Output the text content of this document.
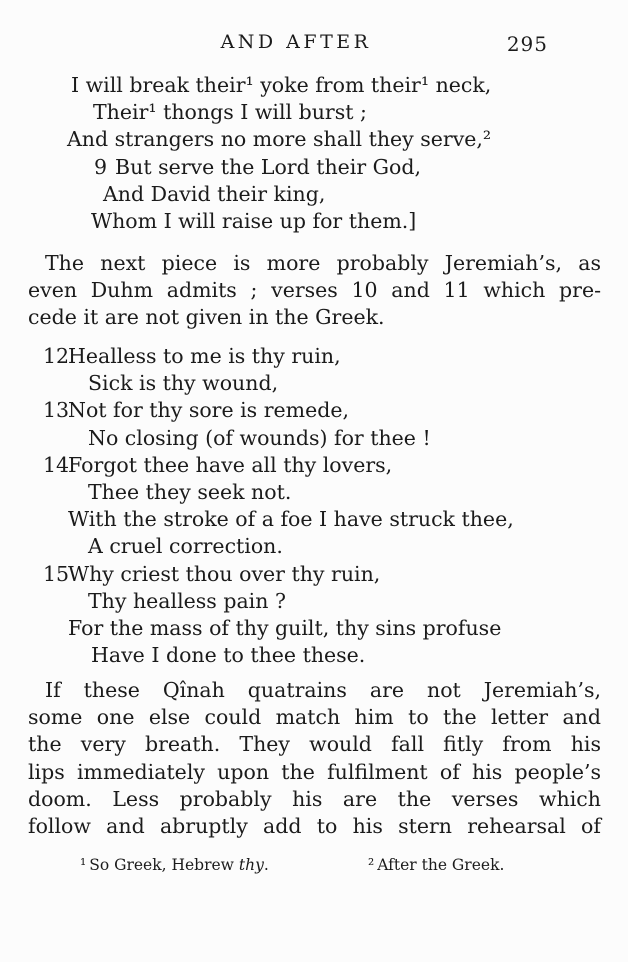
AND AFTER	295
I will break their¹ yoke from their¹ neck,
Their¹ thongs I will burst ;
And strangers no more shall they serve,²
9 But serve the Lord their God,
And David their king,
Whom I will raise up for them.]
The next piece is more probably Jeremiah’s, as
even Duhm admits ; verses 10 and 11 which pre-
cede it are not given in the Greek.
12Healless to me is thy ruin,
Sick is thy wound,
13Not for thy sore is remede,
No closing (of wounds) for thee !
14Forgot thee have all thy lovers,
Thee they seek not.
With the stroke of a foe I have struck thee,
A cruel correction.
15Why criest thou over thy ruin,
Thy healless pain ?
For the mass of thy guilt, thy sins profuse
Have I done to thee these.
If these Qînah quatrains are not Jeremiah’s,
some one else could match him to the letter and
the very breath. They would fall fitly from his
lips immediately upon the fulfilment of his people’s
doom. Less probably his are the verses which
follow and abruptly add to his stern rehearsal of
¹ So Greek, Hebrew thy.	² After the Greek.
